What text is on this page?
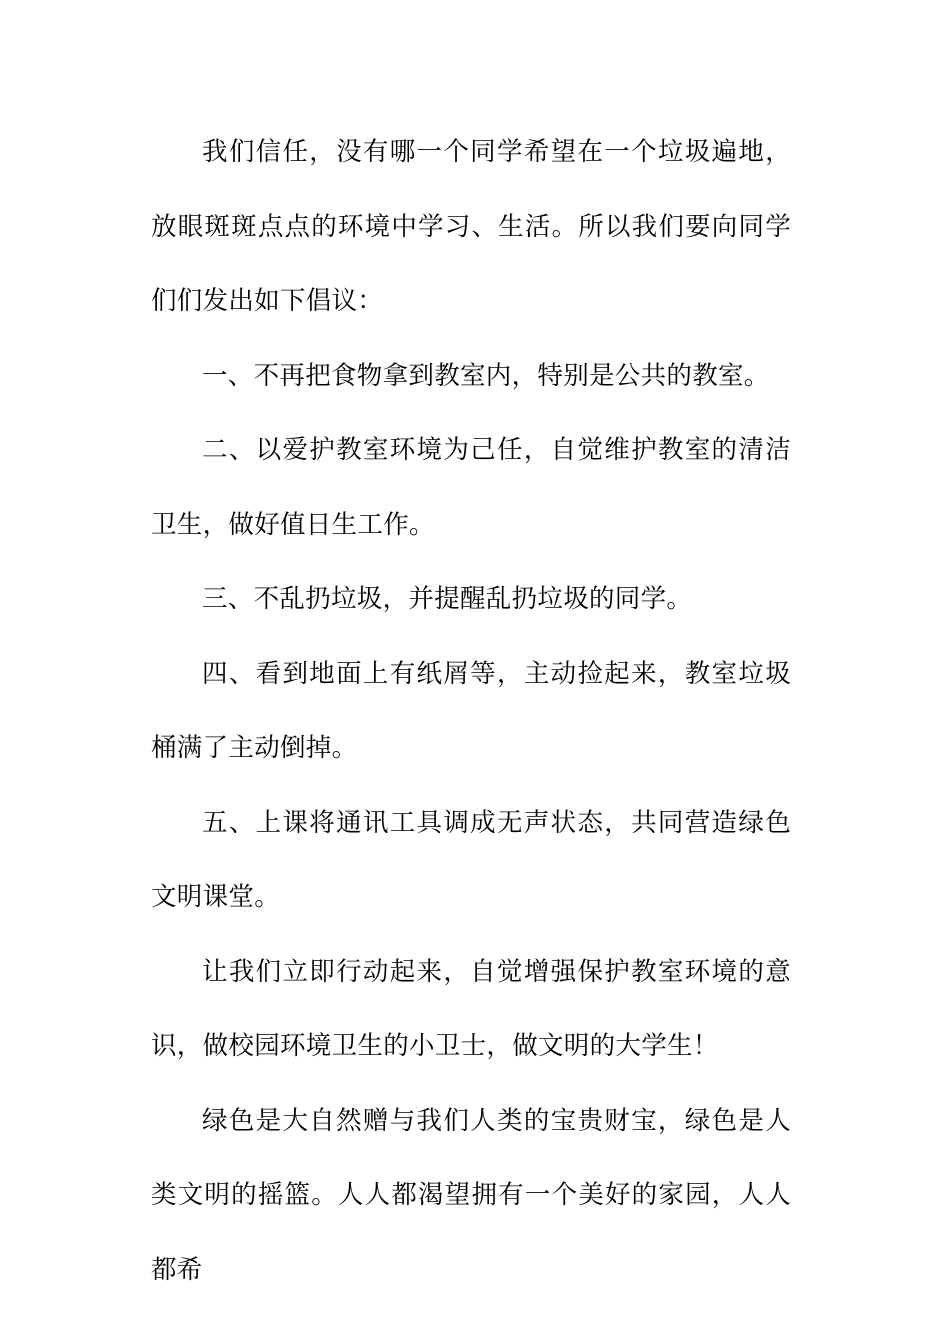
我们信任，没有哪一个同学希望在一个垃圾遍地，放眼斑斑点点的环境中学习、生活。所以我们要向同学们们发出如下倡议：

一、不再把食物拿到教室内，特别是公共的教室。

二、以爱护教室环境为己任，自觉维护教室的清洁卫生，做好值日生工作。

三、不乱扔垃圾，并提醒乱扔垃圾的同学。

四、看到地面上有纸屑等，主动捡起来，教室垃圾桶满了主动倒掉。

五、上课将通讯工具调成无声状态，共同营造绿色文明课堂。

让我们立即行动起来，自觉增强保护教室环境的意识，做校园环境卫生的小卫士，做文明的大学生！

绿色是大自然赠与我们人类的宝贵财宝，绿色是人类文明的摇篮。人人都渴望拥有一个美好的家园，人人都希
